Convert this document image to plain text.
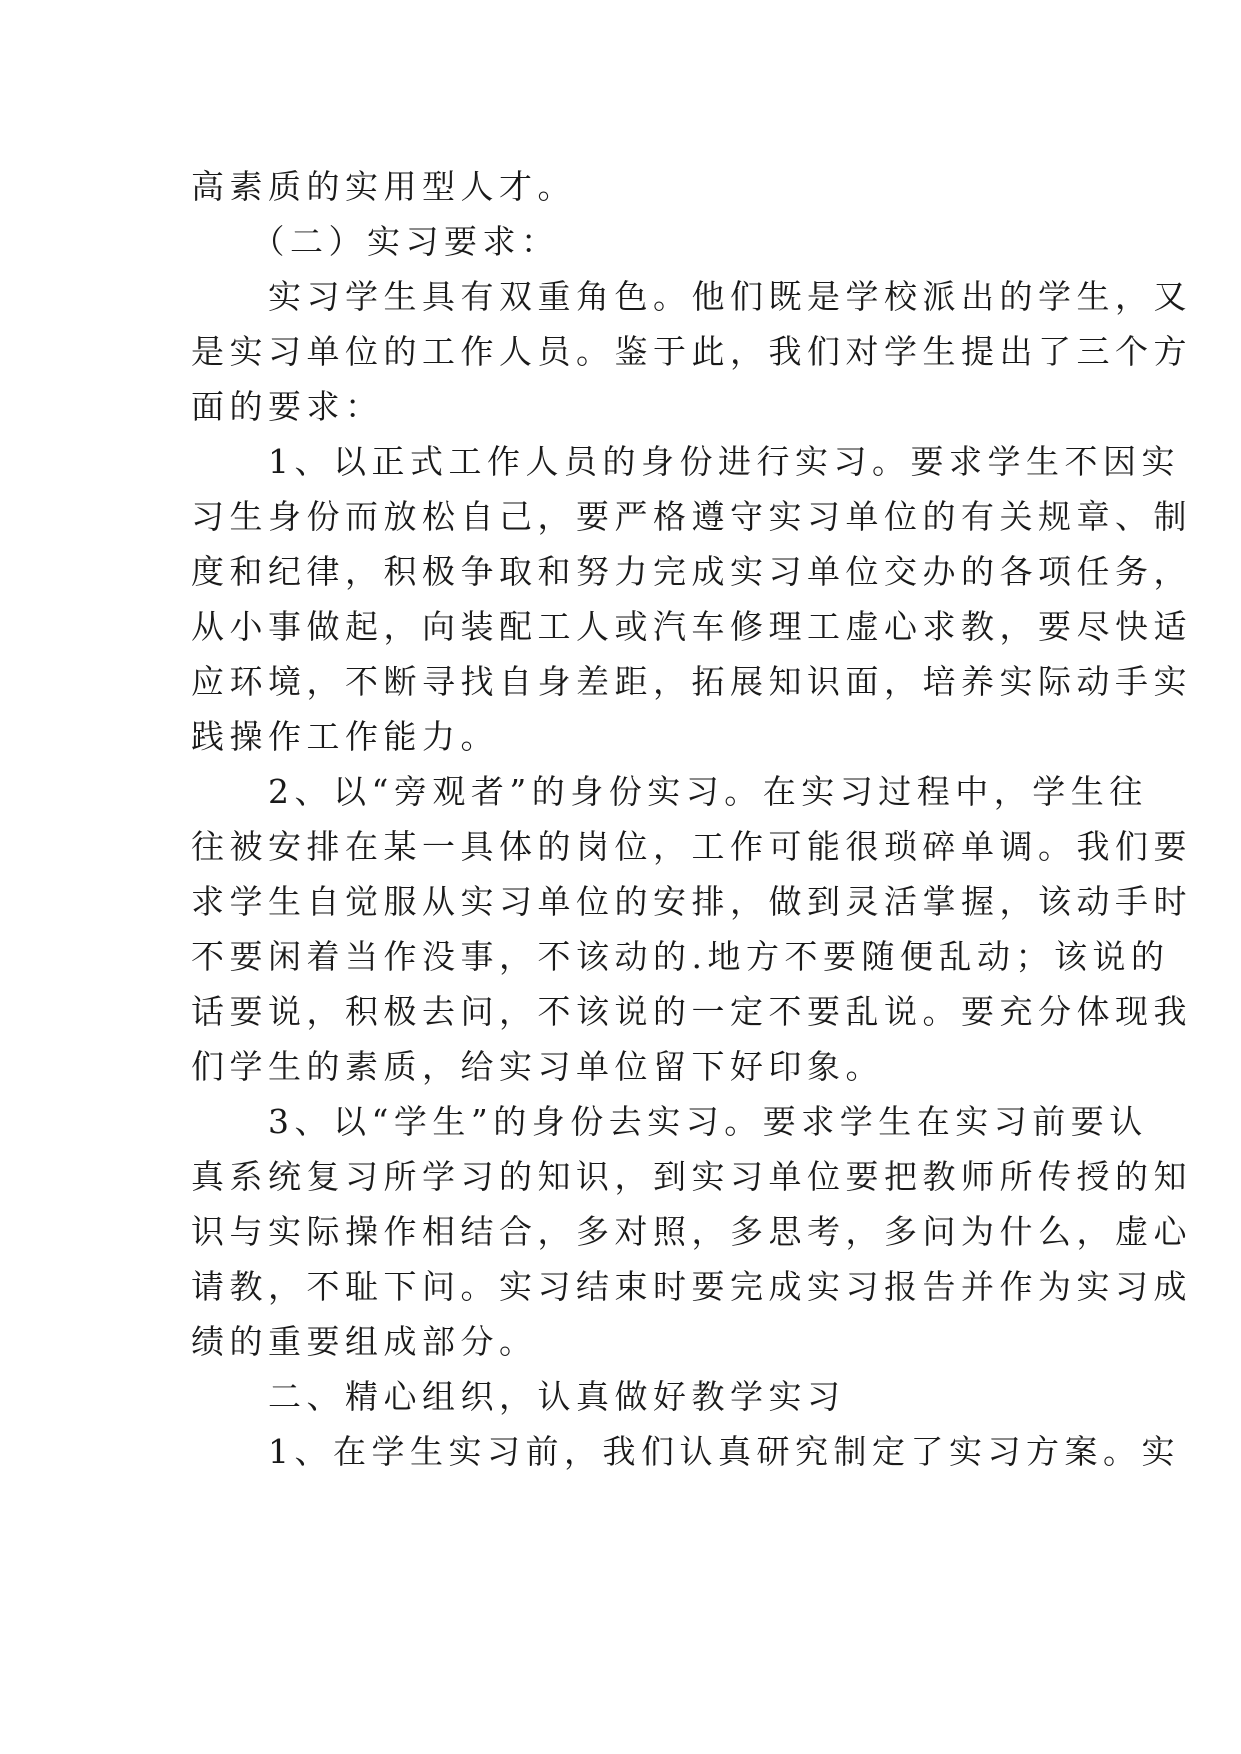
高素质的实用型人才。
　　（二）实习要求：
　　实习学生具有双重角色。他们既是学校派出的学生，又
是实习单位的工作人员。鉴于此，我们对学生提出了三个方
面的要求：
　　1、以正式工作人员的身份进行实习。要求学生不因实
习生身份而放松自己，要严格遵守实习单位的有关规章、制
度和纪律，积极争取和努力完成实习单位交办的各项任务，
从小事做起，向装配工人或汽车修理工虚心求教，要尽快适
应环境，不断寻找自身差距，拓展知识面，培养实际动手实
践操作工作能力。
　　2、以“旁观者”的身份实习。在实习过程中，学生往
往被安排在某一具体的岗位，工作可能很琐碎单调。我们要
求学生自觉服从实习单位的安排，做到灵活掌握，该动手时
不要闲着当作没事，不该动的.地方不要随便乱动；该说的
话要说，积极去问，不该说的一定不要乱说。要充分体现我
们学生的素质，给实习单位留下好印象。
　　3、以“学生”的身份去实习。要求学生在实习前要认
真系统复习所学习的知识，到实习单位要把教师所传授的知
识与实际操作相结合，多对照，多思考，多问为什么，虚心
请教，不耻下问。实习结束时要完成实习报告并作为实习成
绩的重要组成部分。
　　二、精心组织，认真做好教学实习
　　1、在学生实习前，我们认真研究制定了实习方案。实
